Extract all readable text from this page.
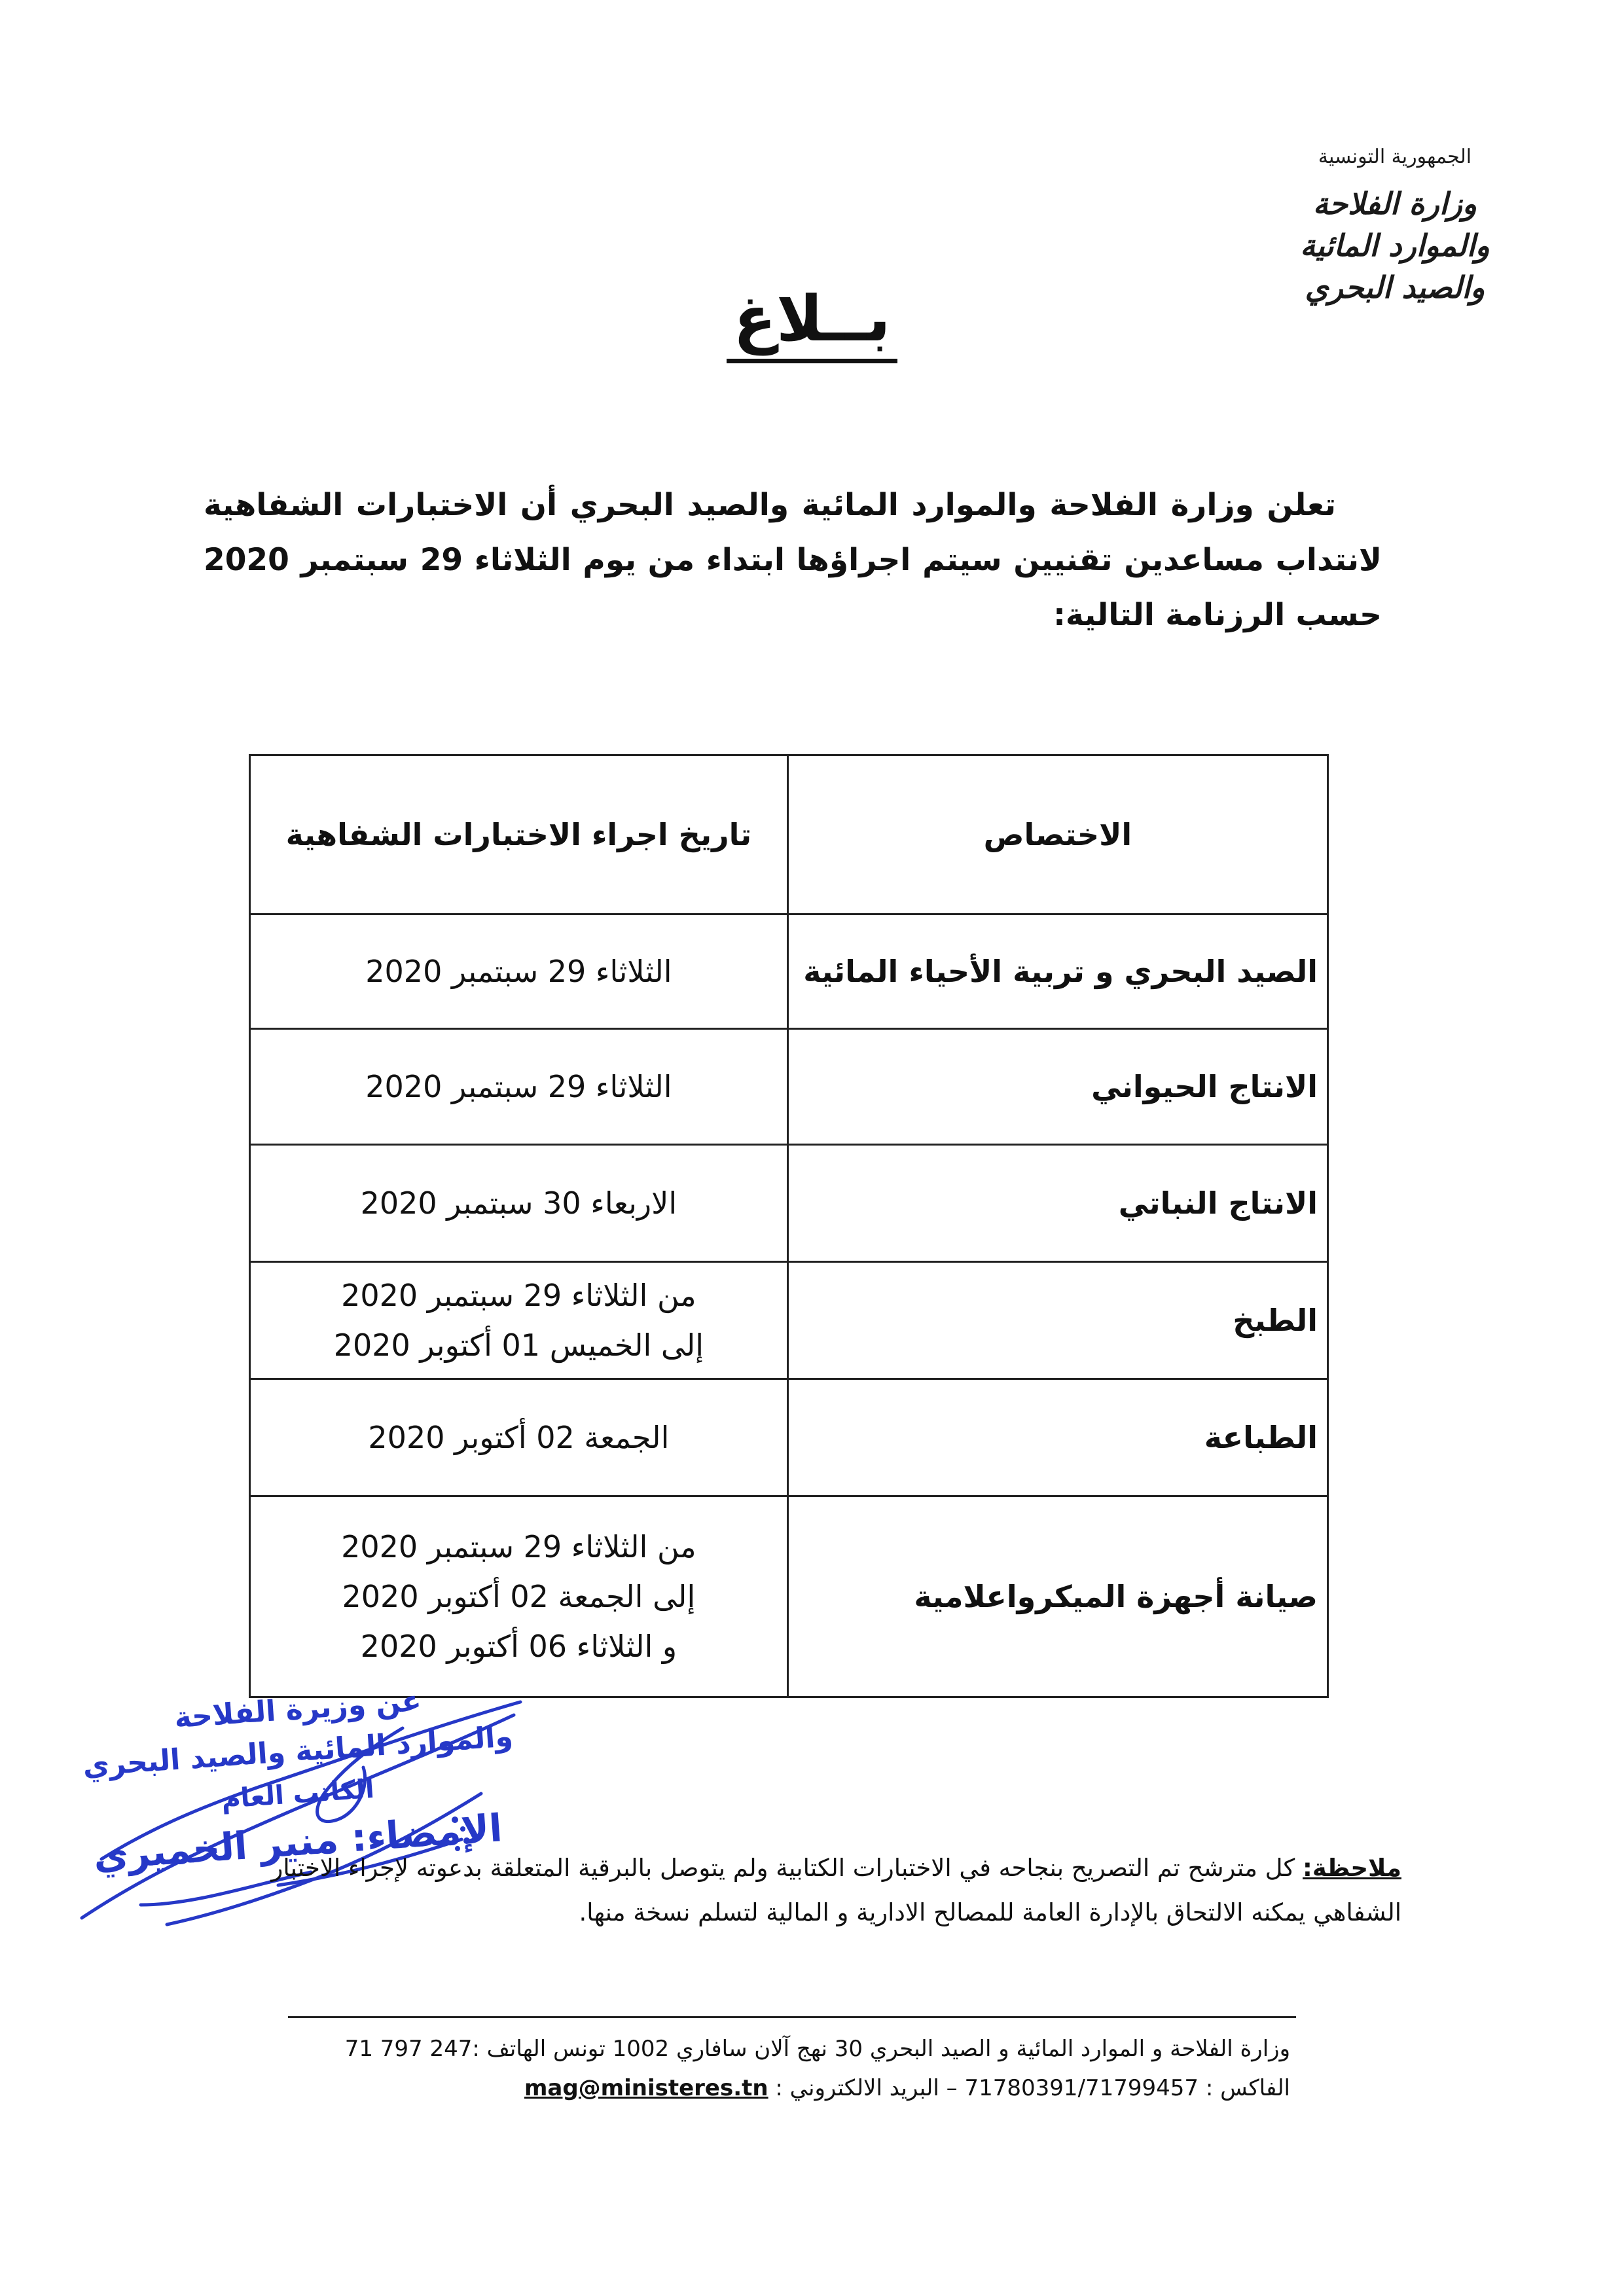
الجمهورية التونسية
وزارة الفلاحة
والموارد المائية والصيد البحري
بــلاغ
تعلن وزارة الفلاحة والموارد المائية والصيد البحري أن الاختبارات الشفاهية لانتداب مساعدين تقنيين سيتم اجراؤها ابتداء من يوم الثلاثاء 29 سبتمبر 2020 حسب الرزنامة التالية:
الاختصاص	تاريخ اجراء الاختبارات الشفاهية
الصيد البحري و تربية الأحياء المائية	الثلاثاء 29 سبتمبر 2020

الانتاج الحيواني	الثلاثاء 29 سبتمبر 2020

الانتاج النباتي	الاربعاء 30 سبتمبر 2020

الطبخ	من الثلاثاء 29 سبتمبر 2020
إلى الخميس 01 أكتوبر 2020

الطباعة	الجمعة 02 أكتوبر 2020

صيانة أجهزة الميكرواعلامية	من الثلاثاء 29 سبتمبر 2020
إلى الجمعة 02 أكتوبر 2020
و الثلاثاء 06 أكتوبر 2020
عن وزيرة الفلاحة
والموارد المائية والصيد البحري
الكاتب العام
الإمضاء: منير الخميري	ملاحظة: كل مترشح تم التصريح بنجاحه في الاختبارات الكتابية ولم يتوصل بالبرقية المتعلقة بدعوته لإجراء الاختبار الشفاهي يمكنه الالتحاق بالإدارة العامة للمصالح الادارية و المالية لتسلم نسخة منها.
وزارة الفلاحة و الموارد المائية و الصيد البحري 30 نهج آلان سافاري 1002 تونس الهاتف :247 797 71
الفاكس : 71780391/71799457 – البريد الالكتروني : mag@ministeres.tn
